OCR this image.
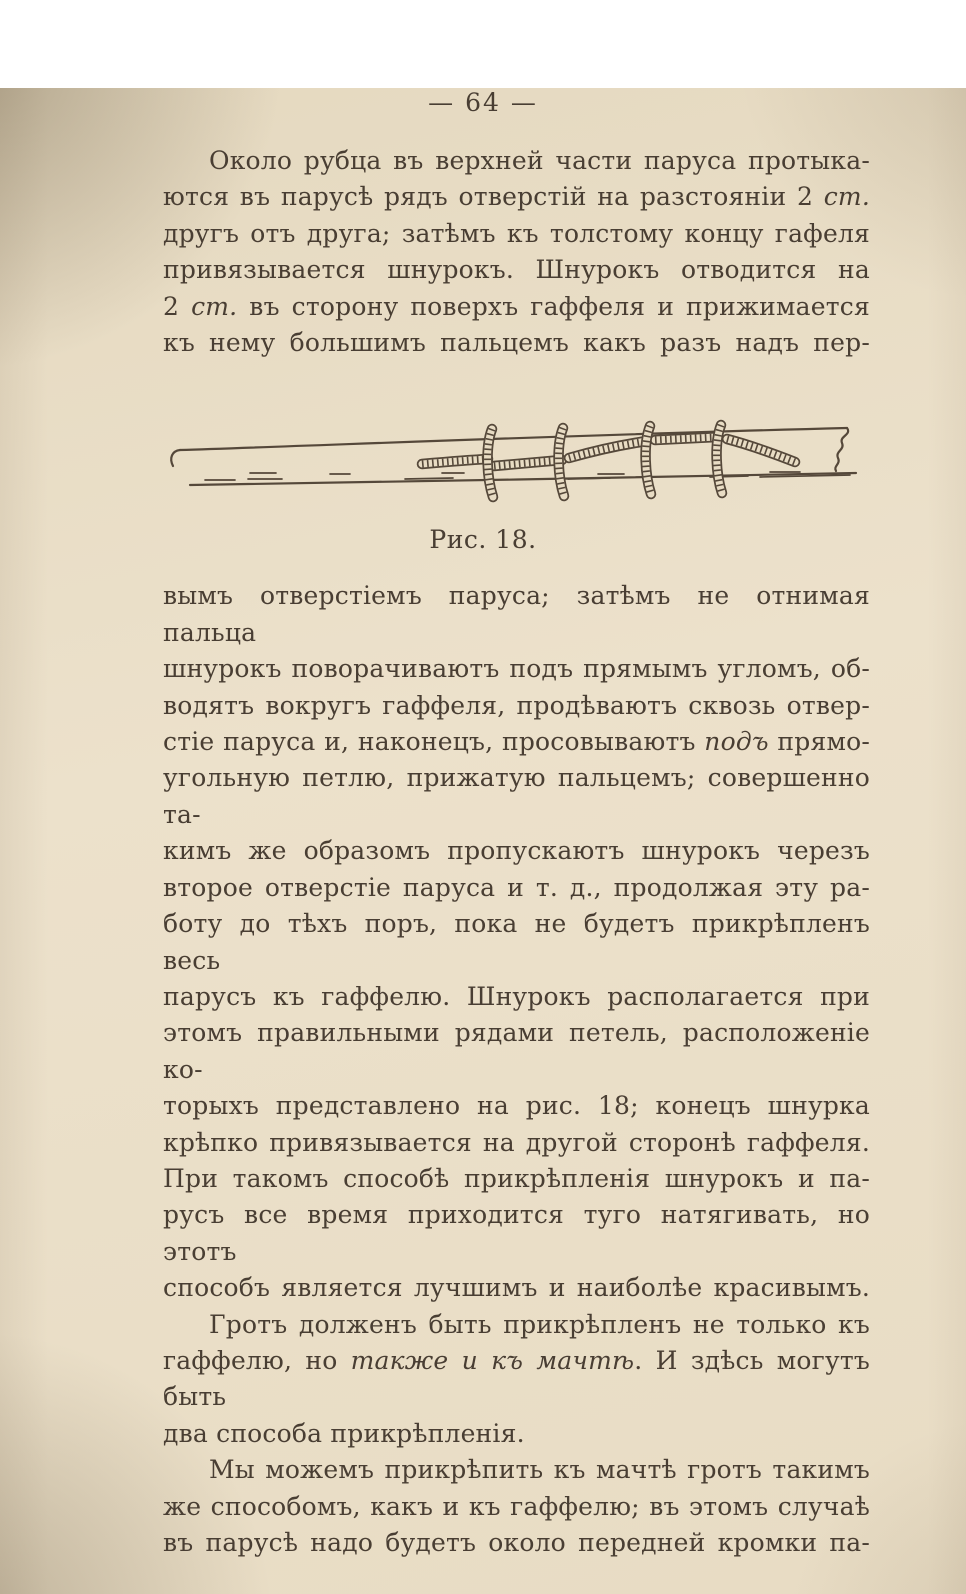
— 64 —
Около рубца въ верхней части паруса протыка-
ются въ парусѣ рядъ отверстій на разстояніи 2 ст.
другъ отъ друга; затѣмъ къ толстому концу гафеля
привязывается шнурокъ. Шнурокъ отводится на
2 ст. въ сторону поверхъ гаффеля и прижимается
къ нему большимъ пальцемъ какъ разъ надъ пер-
Рис. 18.
вымъ отверстіемъ паруса; затѣмъ не отнимая пальца
шнурокъ поворачиваютъ подъ прямымъ угломъ, об-
водятъ вокругъ гаффеля, продѣваютъ сквозь отвер-
стіе паруса и, наконецъ, просовываютъ подъ прямо-
угольную петлю, прижатую пальцемъ; совершенно та-
кимъ же образомъ пропускаютъ шнурокъ черезъ
второе отверстіе паруса и т. д., продолжая эту ра-
боту до тѣхъ поръ, пока не будетъ прикрѣпленъ весь
парусъ къ гаффелю. Шнурокъ располагается при
этомъ правильными рядами петель, расположеніе ко-
торыхъ представлено на рис. 18; конецъ шнурка
крѣпко привязывается на другой сторонѣ гаффеля.
При такомъ способѣ прикрѣпленія шнурокъ и па-
русъ все время приходится туго натягивать, но этотъ
способъ является лучшимъ и наиболѣе красивымъ.
Гротъ долженъ быть прикрѣпленъ не только къ
гаффелю, но также и къ мачтѣ. И здѣсь могутъ быть
два способа прикрѣпленія.
Мы можемъ прикрѣпить къ мачтѣ гротъ такимъ
же способомъ, какъ и къ гаффелю; въ этомъ случаѣ
въ парусѣ надо будетъ около передней кромки па-
